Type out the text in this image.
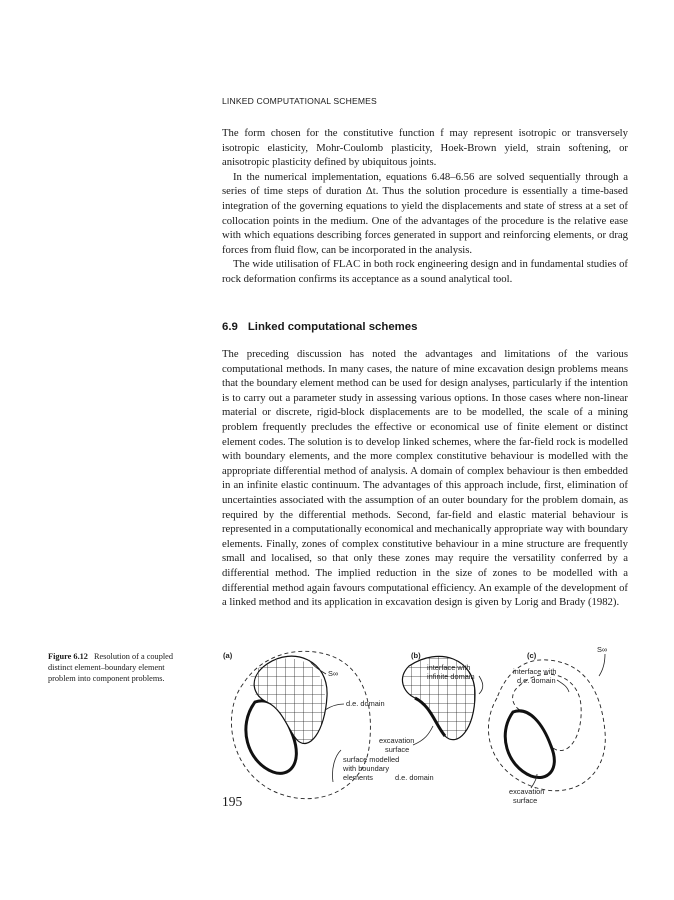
LINKED COMPUTATIONAL SCHEMES

The form chosen for the constitutive function f may represent isotropic or transversely isotropic elasticity, Mohr-Coulomb plasticity, Hoek-Brown yield, strain softening, or anisotropic plasticity defined by ubiquitous joints.

In the numerical implementation, equations 6.48–6.56 are solved sequentially through a series of time steps of duration Δt. Thus the solution procedure is essentially a time-based integration of the governing equations to yield the displacements and state of stress at a set of collocation points in the medium. One of the advantages of the procedure is the relative ease with which equations describing forces generated in support and reinforcing elements, or drag forces from fluid flow, can be incorporated in the analysis.

The wide utilisation of FLAC in both rock engineering design and in fundamental studies of rock deformation confirms its acceptance as a sound analytical tool.

6.9 Linked computational schemes

The preceding discussion has noted the advantages and limitations of the various computational methods. In many cases, the nature of mine excavation design problems means that the boundary element method can be used for design analyses, particularly if the intention is to carry out a parameter study in assessing various options. In those cases where non-linear material or discrete, rigid-block displacements are to be modelled, the scale of a mining problem frequently precludes the effective or economical use of finite element or distinct element codes. The solution is to develop linked schemes, where the far-field rock is modelled with boundary elements, and the more complex constitutive behaviour is modelled with the appropriate differential method of analysis. A domain of complex behaviour is then embedded in an infinite elastic continuum. The advantages of this approach include, first, elimination of uncertainties associated with the assumption of an outer boundary for the problem domain, as required by the differential methods. Second, far-field and elastic material behaviour is represented in a computationally economical and mechanically appropriate way with boundary elements. Finally, zones of complex constitutive behaviour in a mine structure are frequently small and localised, so that only these zones may require the versatility conferred by a differential method. The implied reduction in the size of zones to be modelled with a differential method again favours computational efficiency. An example of the development of a linked method and its application in excavation design is given by Lorig and Brady (1982).

Figure 6.12 Resolution of a coupled distinct element–boundary element problem into component problems.
(a)
S∞
d.e. domain
(b)
interface with
infinite domain
excavation
surface
surface modelled
with boundary
elements	d.e. domain
(c)
S∞
interface with
d.e. domain
excavation
surface
195
